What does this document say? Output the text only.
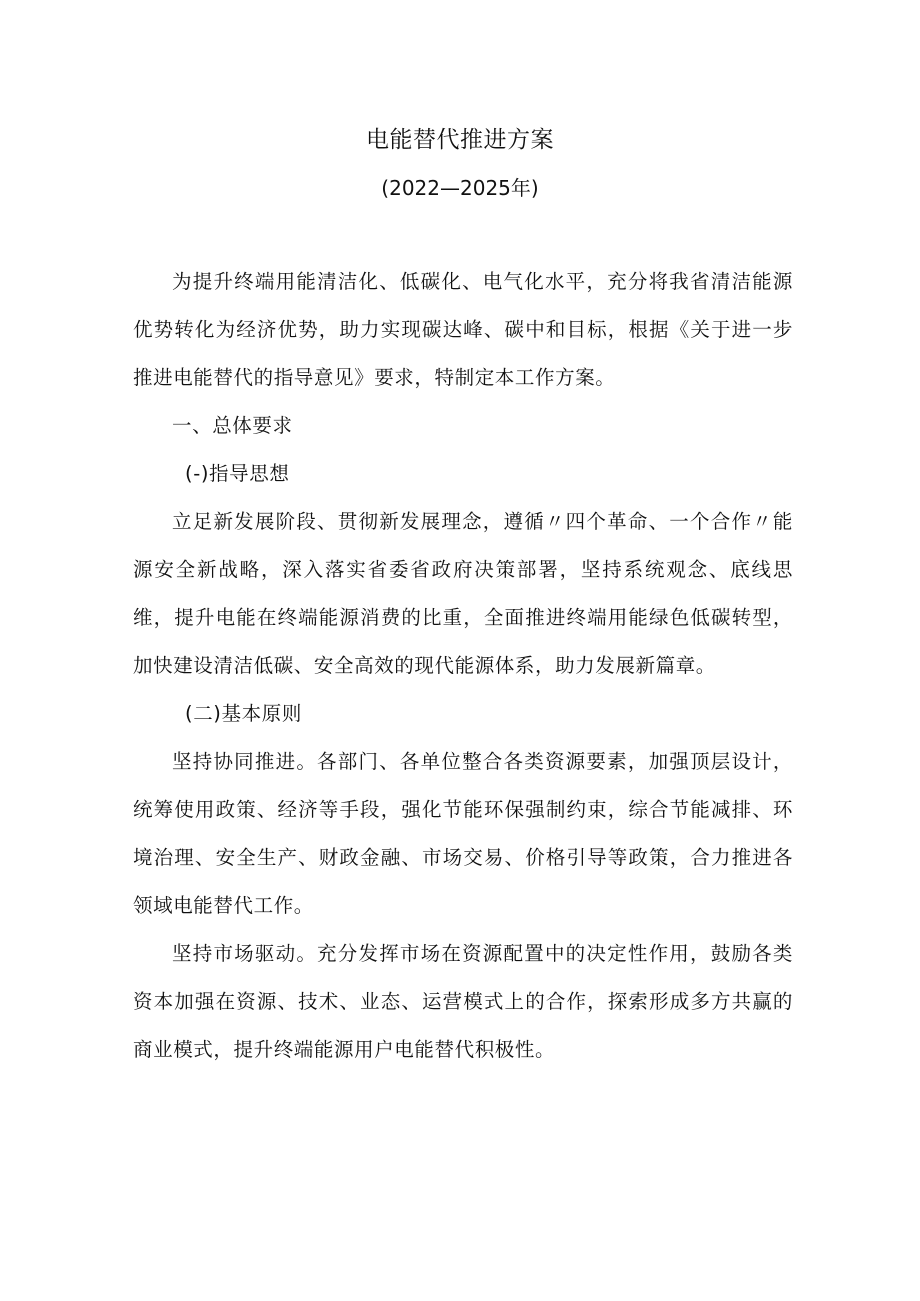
电能替代推进方案
(2022—2025年)

为提升终端用能清洁化、低碳化、电气化水平，充分将我省清洁能源优势转化为经济优势，助力实现碳达峰、碳中和目标，根据《关于进一步推进电能替代的指导意见》要求，特制定本工作方案。

一、总体要求

(-)指导思想

立足新发展阶段、贯彻新发展理念，遵循〃四个革命、一个合作〃能源安全新战略，深入落实省委省政府决策部署，坚持系统观念、底线思维，提升电能在终端能源消费的比重，全面推进终端用能绿色低碳转型，加快建设清洁低碳、安全高效的现代能源体系，助力发展新篇章。

(二)基本原则

坚持协同推进。各部门、各单位整合各类资源要素，加强顶层设计，统筹使用政策、经济等手段，强化节能环保强制约束，综合节能减排、环境治理、安全生产、财政金融、市场交易、价格引导等政策，合力推进各领域电能替代工作。

坚持市场驱动。充分发挥市场在资源配置中的决定性作用，鼓励各类资本加强在资源、技术、业态、运营模式上的合作，探索形成多方共赢的商业模式，提升终端能源用户电能替代积极性。
